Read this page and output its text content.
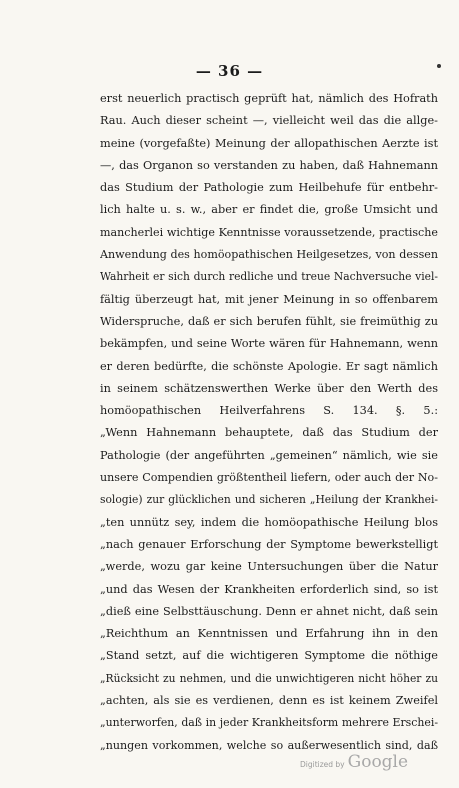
— 36 —
erst neuerlich practisch geprüft hat, nämlich des Hofrath
Rau. Auch dieser scheint —, vielleicht weil das die allge-
meine (vorgefaßte) Meinung der allopathischen Aerzte ist
—, das Organon so verstanden zu haben, daß Hahnemann
das Studium der Pathologie zum Heilbehufe für entbehr-
lich halte u. s. w., aber er findet die, große Umsicht und
mancherlei wichtige Kenntnisse voraussetzende, practische
Anwendung des homöopathischen Heilgesetzes, von dessen
Wahrheit er sich durch redliche und treue Nachversuche viel-
fältig überzeugt hat, mit jener Meinung in so offenbarem
Widerspruche, daß er sich berufen fühlt, sie freimüthig zu
bekämpfen, und seine Worte wären für Hahnemann, wenn
er deren bedürfte, die schönste Apologie. Er sagt nämlich
in seinem schätzenswerthen Werke über den Werth des
homöopathischen Heilverfahrens S. 134. §. 5.:
„Wenn Hahnemann behauptete, daß das Studium der
Pathologie (der angeführten „gemeinen“ nämlich, wie sie
unsere Compendien größtentheil liefern, oder auch der No-
sologie) zur glücklichen und sicheren „Heilung der Krankhei-
„ten unnütz sey, indem die homöopathische Heilung blos
„nach genauer Erforschung der Symptome bewerkstelligt
„werde, wozu gar keine Untersuchungen über die Natur
„und das Wesen der Krankheiten erforderlich sind, so ist
„dieß eine Selbsttäuschung. Denn er ahnet nicht, daß sein
„Reichthum an Kenntnissen und Erfahrung ihn in den
„Stand setzt, auf die wichtigeren Symptome die nöthige
„Rücksicht zu nehmen, und die unwichtigeren nicht höher zu
„achten, als sie es verdienen, denn es ist keinem Zweifel
„unterworfen, daß in jeder Krankheitsform mehrere Erschei-
„nungen vorkommen, welche so außerwesentlich sind, daß
Digitized by Google
